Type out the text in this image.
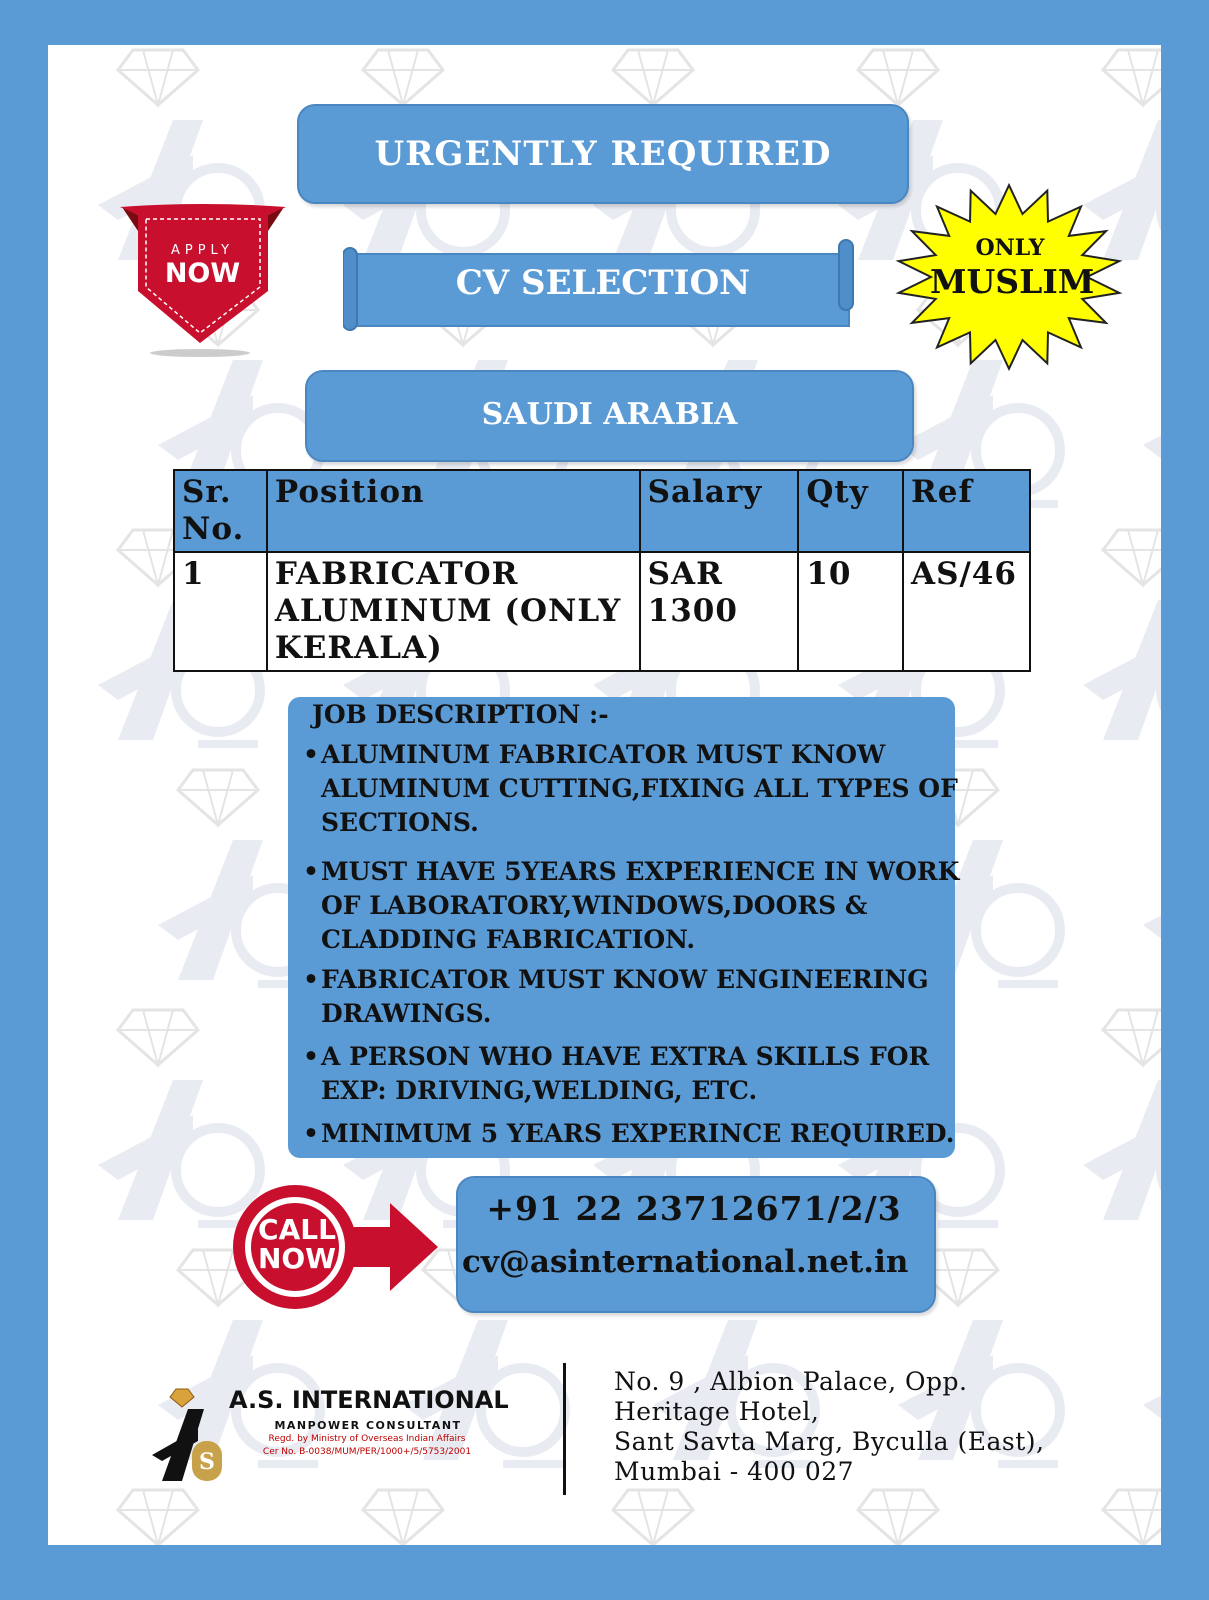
URGENTLY REQUIRED
CV SELECTION
SAUDI ARABIA
APPLY
NOW
ONLY
MUSLIM
Sr. No.	Position	Salary	Qty	Ref
1	FABRICATOR ALUMINUM (ONLY KERALA)	SAR 1300	10	AS/46
JOB DESCRIPTION :-
• ALUMINUM FABRICATOR MUST KNOW ALUMINUM CUTTING,FIXING ALL TYPES OF SECTIONS.
• MUST HAVE 5YEARS EXPERIENCE IN WORK OF LABORATORY,WINDOWS,DOORS & CLADDING FABRICATION.
• FABRICATOR MUST KNOW ENGINEERING DRAWINGS.
• A PERSON WHO HAVE EXTRA SKILLS FOR EXP: DRIVING,WELDING, ETC.
• MINIMUM 5 YEARS EXPERINCE REQUIRED.
CALL
NOW
+91 22 23712671/2/3
cv@asinternational.net.in
S
A.S. INTERNATIONAL
MANPOWER CONSULTANT
Regd. by Ministry of Overseas Indian Affairs
Cer No. B-0038/MUM/PER/1000+/5/5753/2001
No. 9 , Albion Palace, Opp.
Heritage Hotel,
Sant Savta Marg, Byculla (East),
Mumbai - 400 027
